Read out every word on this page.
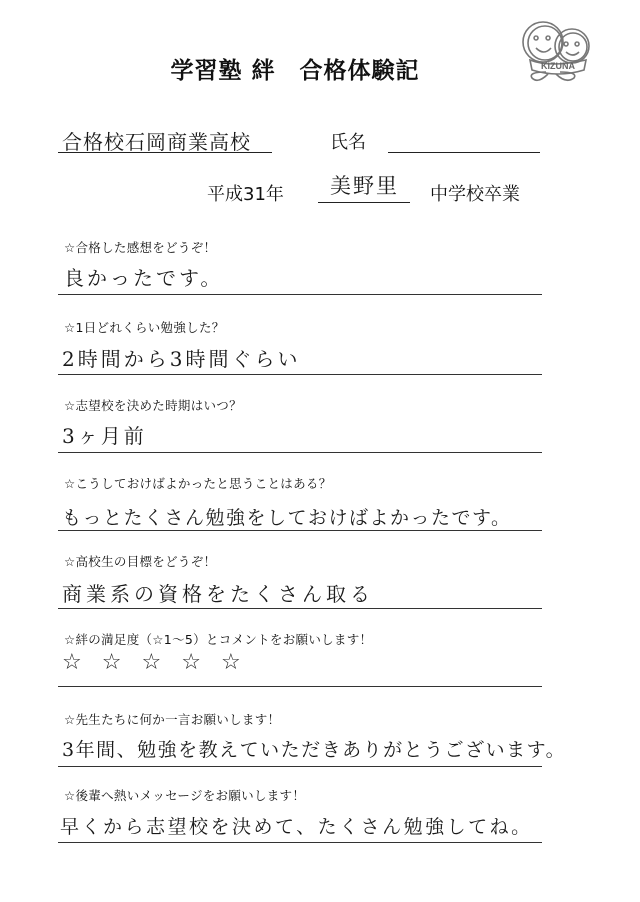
学習塾 絆　合格体験記	KIZUNA
合格校石岡商業高校	氏名
平成31年 美野里 中学校卒業
☆合格した感想をどうぞ！
良かったです。
☆1日どれくらい勉強した？
2時間から3時間ぐらい
☆志望校を決めた時期はいつ？
3ヶ月前
☆こうしておけばよかったと思うことはある？
もっとたくさん勉強をしておけばよかったです。
☆高校生の目標をどうぞ！
商業系の資格をたくさん取る
☆絆の満足度（☆1〜5）とコメントをお願いします！
☆ ☆ ☆ ☆ ☆
☆先生たちに何か一言お願いします！
3年間、勉強を教えていただきありがとうございます。
☆後輩へ熱いメッセージをお願いします！
早くから志望校を決めて、たくさん勉強してね。
